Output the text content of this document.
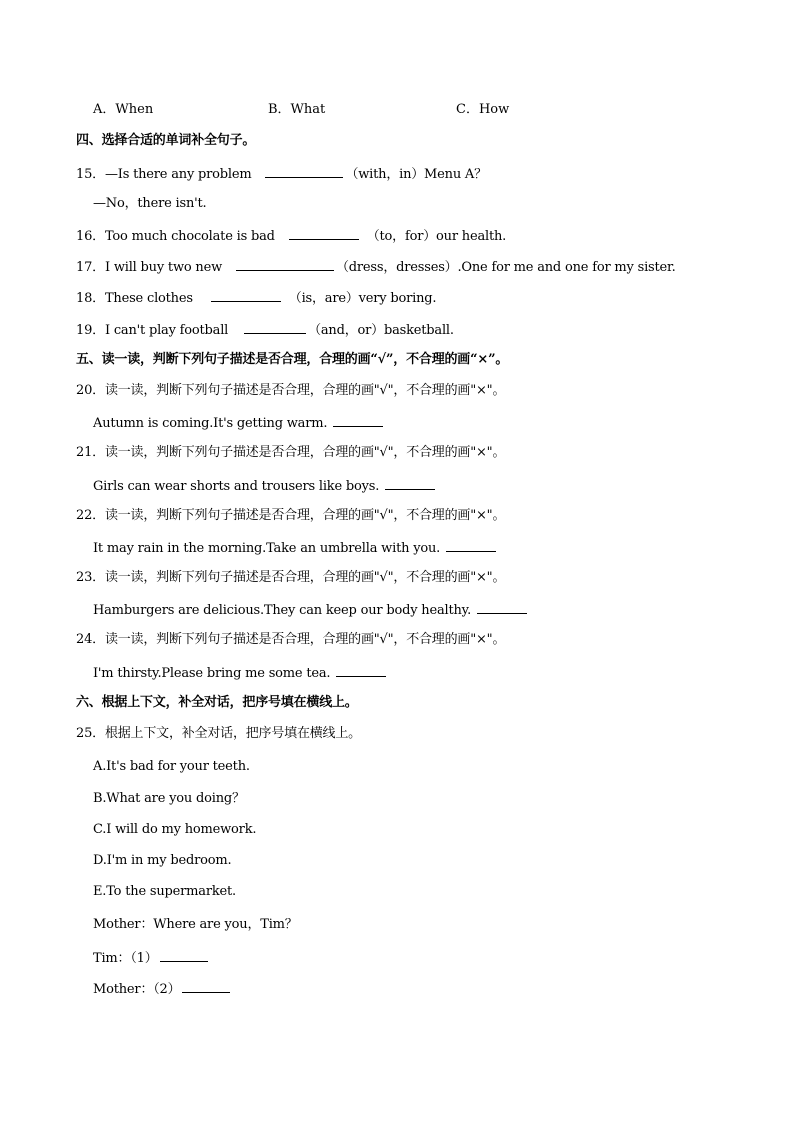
A．When	B．What	C．How
四、选择合适的单词补全句子。
15．—Is there any problem	（with，in）Menu A？
—No，there isn't.
16．Too much chocolate is bad	（to，for）our health.
17．I will buy two new	（dress，dresses）.One for me and one for my sister.
18．These clothes	（is，are）very boring.
19．I can't play football	（and，or）basketball.
五、读一读，判断下列句子描述是否合理，合理的画“√”，不合理的画“×”。
20．读一读，判断下列句子描述是否合理，合理的画"√"，不合理的画"×"。
Autumn is coming.It's getting warm.
21．读一读，判断下列句子描述是否合理，合理的画"√"，不合理的画"×"。
Girls can wear shorts and trousers like boys.
22．读一读，判断下列句子描述是否合理，合理的画"√"，不合理的画"×"。
It may rain in the morning.Take an umbrella with you.
23．读一读，判断下列句子描述是否合理，合理的画"√"，不合理的画"×"。
Hamburgers are delicious.They can keep our body healthy.
24．读一读，判断下列句子描述是否合理，合理的画"√"，不合理的画"×"。
I'm thirsty.Please bring me some tea.
六、根据上下文，补全对话，把序号填在横线上。
25．根据上下文，补全对话，把序号填在横线上。
A.It's bad for your teeth.
B.What are you doing？
C.I will do my homework.
D.I'm in my bedroom.
E.To the supermarket.
Mother：Where are you，Tim？
Tim：（1）
Mother：（2）
